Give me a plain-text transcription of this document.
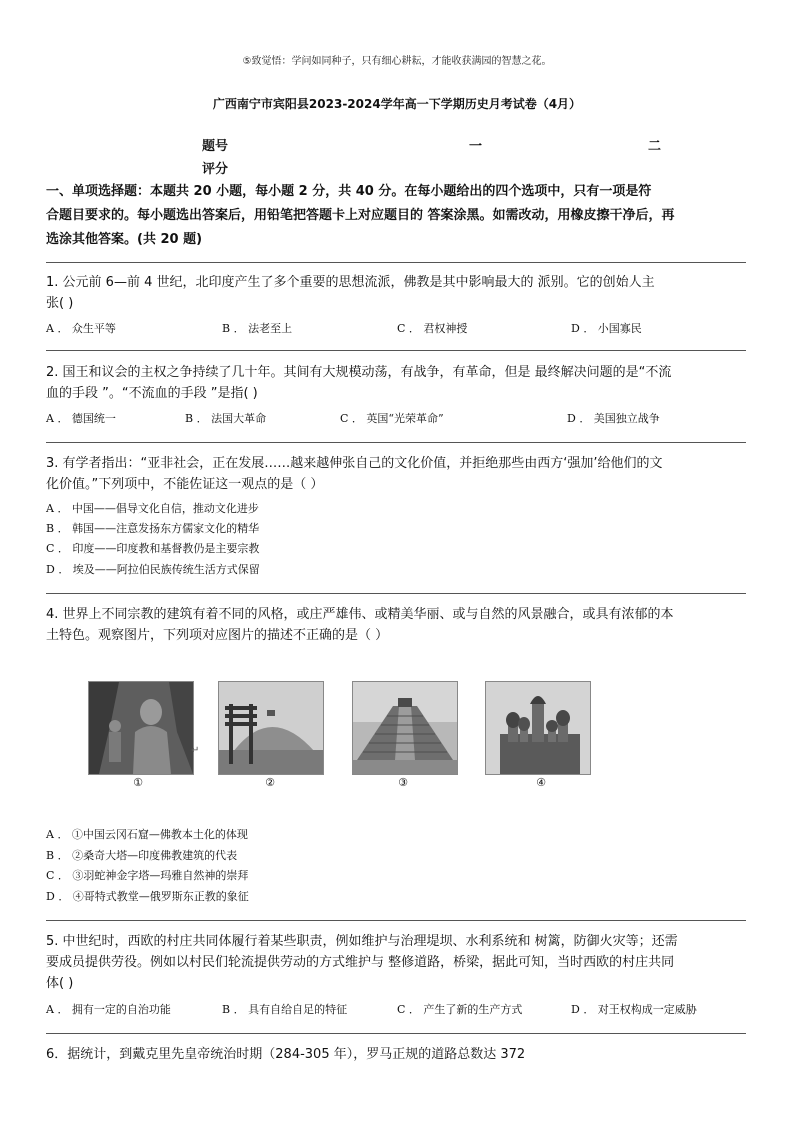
⑤致觉悟：学问如同种子，只有细心耕耘，才能收获满园的智慧之花。
广西南宁市宾阳县2023-2024学年高一下学期历史月考试卷（4月）
题号	一	二
评分
一、单项选择题：本题共 20 小题，每小题 2 分，共 40 分。在每小题给出的四个选项中，只有一项是符
合题目要求的。每小题选出答案后，用铅笔把答题卡上对应题目的 答案涂黑。如需改动，用橡皮擦干净后，再
选涂其他答案。(共 20 题)
1. 公元前 6—前 4 世纪，北印度产生了多个重要的思想流派，佛教是其中影响最大的 派别。它的创始人主
张( )
A ． 众生平等	B ． 法老至上	C ． 君权神授	D ． 小国寡民
2. 国王和议会的主权之争持续了几十年。其间有大规模动荡，有战争，有革命，但是 最终解决问题的是“不流
血的手段 ”。“不流血的手段 ”是指( )
A ． 德国统一	B ． 法国大革命	C ． 英国“光荣革命”	D ． 美国独立战争
3. 有学者指出：“亚非社会，正在发展……越来越伸张自己的文化价值，并拒绝那些由西方‘强加’给他们的文
化价值。”下列项中，不能佐证这一观点的是（ ）
A ． 中国——倡导文化自信，推动文化进步
B ． 韩国——注意发扬东方儒家文化的精华
C ． 印度——印度教和基督教仍是主要宗教
D ． 埃及——阿拉伯民族传统生活方式保留
4. 世界上不同宗教的建筑有着不同的风格，或庄严雄伟、或精美华丽、或与自然的风景融合，或具有浓郁的本
土特色。观察图片，下列项对应图片的描述不正确的是（ ）
↵
①	②	③	④
A ． ①中国云冈石窟—佛教本土化的体现
B ． ②桑奇大塔—印度佛教建筑的代表
C ． ③羽蛇神金字塔—玛雅自然神的崇拜
D ． ④哥特式教堂—俄罗斯东正教的象征
5. 中世纪时，西欧的村庄共同体履行着某些职责，例如维护与治理堤坝、水利系统和 树篱，防御火灾等；还需
要成员提供劳役。例如以村民们轮流提供劳动的方式维护与 整修道路，桥梁，据此可知，当时西欧的村庄共同
体( )
A ． 拥有一定的自治功能	B ． 具有自给自足的特征	C ． 产生了新的生产方式	D ． 对王权构成一定威胁
6．据统计，到戴克里先皇帝统治时期（284-305 年），罗马正规的道路总数达 372
